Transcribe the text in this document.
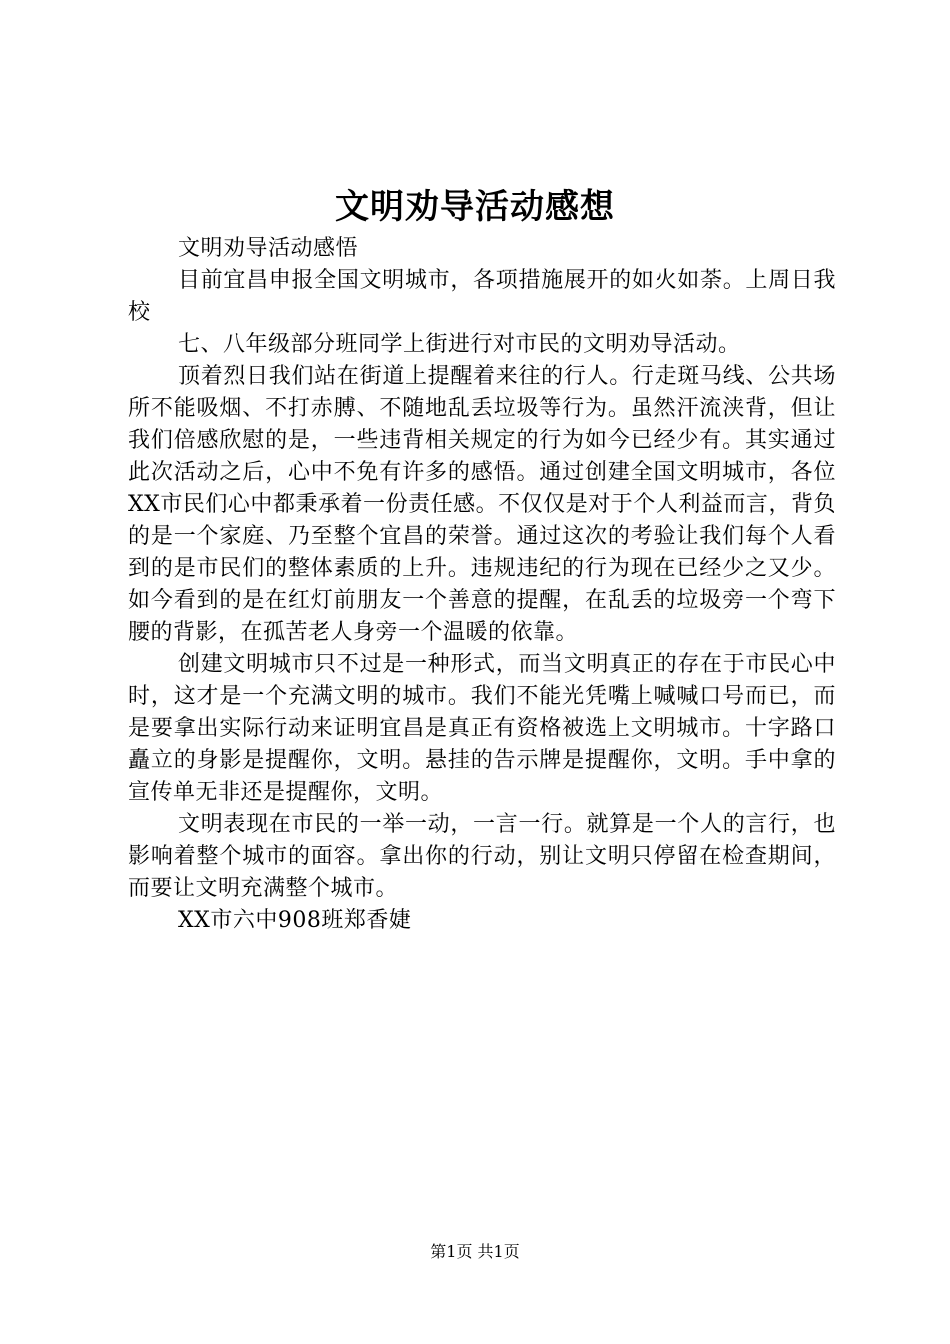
文明劝导活动感想

文明劝导活动感悟

目前宜昌申报全国文明城市，各项措施展开的如火如荼。上周日我校

七、八年级部分班同学上街进行对市民的文明劝导活动。

顶着烈日我们站在街道上提醒着来往的行人。行走斑马线、公共场所不能吸烟、不打赤膊、不随地乱丢垃圾等行为。虽然汗流浃背，但让我们倍感欣慰的是，一些违背相关规定的行为如今已经少有。其实通过此次活动之后，心中不免有许多的感悟。通过创建全国文明城市，各位XX市民们心中都秉承着一份责任感。不仅仅是对于个人利益而言，背负的是一个家庭、乃至整个宜昌的荣誉。通过这次的考验让我们每个人看到的是市民们的整体素质的上升。违规违纪的行为现在已经少之又少。如今看到的是在红灯前朋友一个善意的提醒，在乱丢的垃圾旁一个弯下腰的背影，在孤苦老人身旁一个温暖的依靠。

创建文明城市只不过是一种形式，而当文明真正的存在于市民心中时，这才是一个充满文明的城市。我们不能光凭嘴上喊喊口号而已，而是要拿出实际行动来证明宜昌是真正有资格被选上文明城市。十字路口矗立的身影是提醒你，文明。悬挂的告示牌是提醒你，文明。手中拿的宣传单无非还是提醒你，文明。

文明表现在市民的一举一动，一言一行。就算是一个人的言行，也影响着整个城市的面容。拿出你的行动，别让文明只停留在检查期间，而要让文明充满整个城市。

XX市六中908班郑香婕

第1页 共1页
